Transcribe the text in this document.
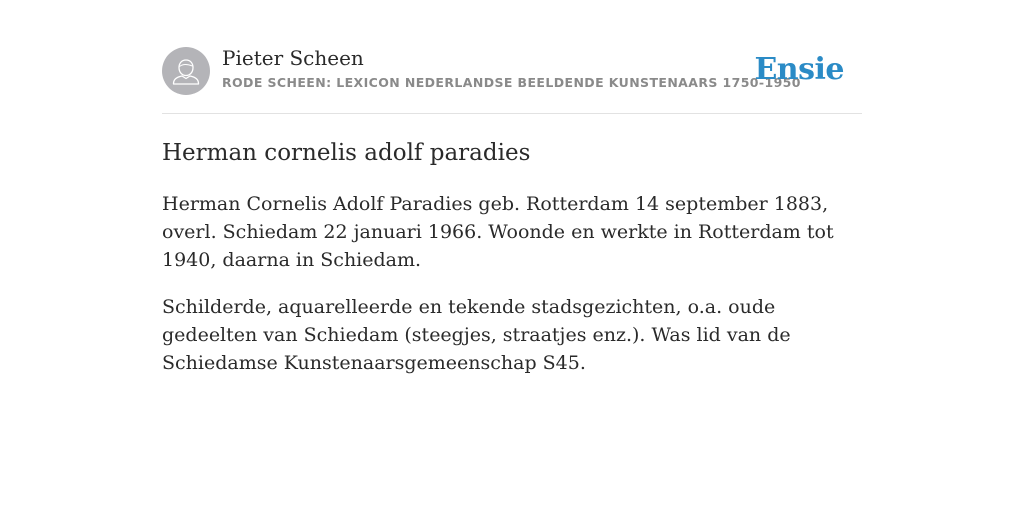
Pieter Scheen
RODE SCHEEN: LEXICON NEDERLANDSE BEELDENDE KUNSTENAARS 1750-1950
Ensie
Herman cornelis adolf paradies

Herman Cornelis Adolf Paradies geb. Rotterdam 14 september 1883, overl. Schiedam 22 januari 1966. Woonde en werkte in Rotterdam tot 1940, daarna in Schiedam.

Schilderde, aquarelleerde en tekende stadsgezichten, o.a. oude gedeelten van Schiedam (steegjes, straatjes enz.). Was lid van de Schiedamse Kunstenaarsgemeenschap S45.
